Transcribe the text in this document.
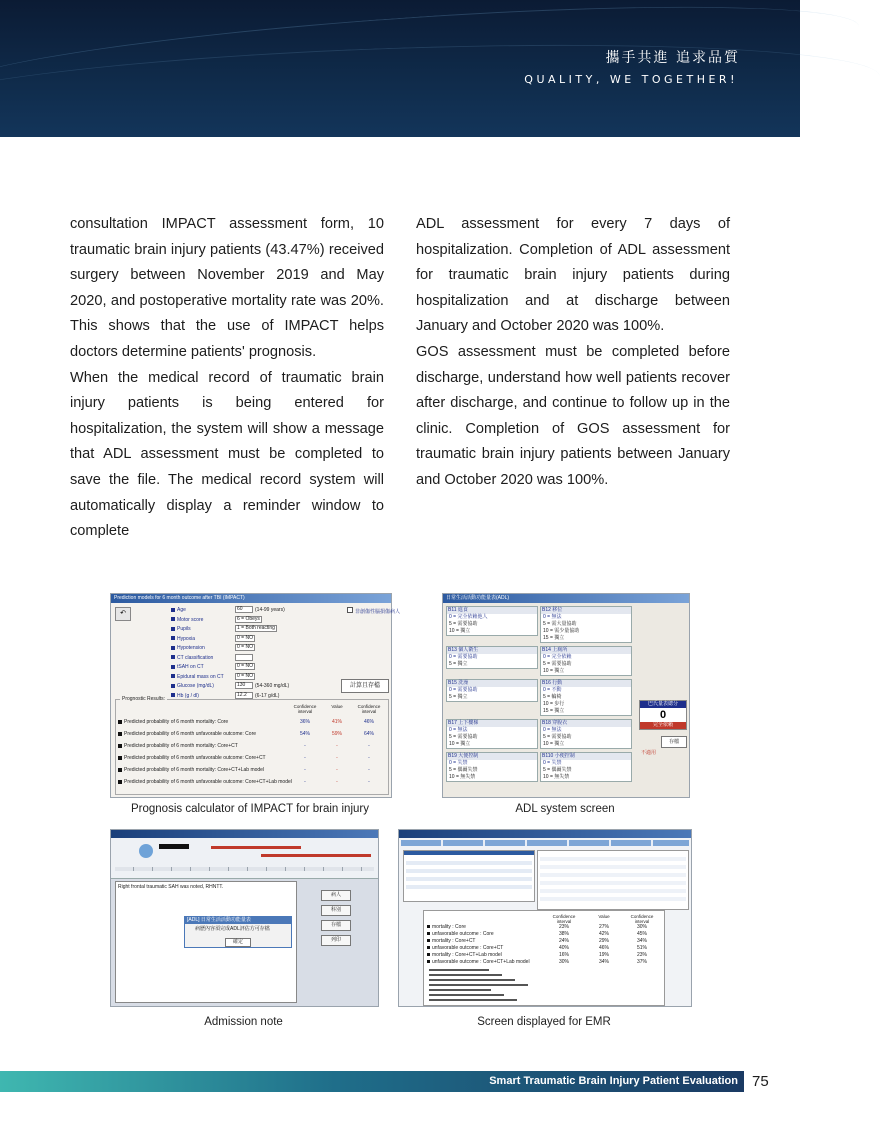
攜手共進 追求品質
QUALITY, WE TOGETHER!

consultation IMPACT assessment form, 10 traumatic brain injury patients (43.47%) received surgery between November 2019 and May 2020, and postoperative mortality rate was 20%. This shows that the use of IMPACT helps doctors determine patients' prognosis.

When the medical record of traumatic brain injury patients is being entered for hospitalization, the system will show a message that ADL assessment must be completed to save the file. The medical record system will automatically display a reminder window to complete

ADL assessment for every 7 days of hospitalization. Completion of ADL assessment for traumatic brain injury patients during hospitalization and at discharge between January and October 2020 was 100%.

GOS assessment must be completed before discharge, understand how well patients recover after discharge, and continue to follow up in the clinic. Completion of GOS assessment for traumatic brain injury patients between January and October 2020 was 100%.

Prediction models for 6 month outcome after TBI (IMPACT)
↶	Age	60 (14-99 years)
Motor score	6 = Obeys
Pupils	1 = Both reacting
Hypoxia	0 = NO
Hypotension	0 = NO
CT classification
tSAH on CT	0 = NO
Epidural mass on CT	0 = NO
Glucose (mg/dL)	130 (54-360 mg/dL)
Hb (g / dl)	12.2 (6-17 g/dL)
非創傷性腦損傷病人
計算且存檔
Prognostic Results:
Confidence interval
Value	Confidence interval
Predicted probability of 6 month mortality: Core	36%	41%	46%
Predicted probability of 6 month unfavorable outcome: Core	54%	59%	64%
Predicted probability of 6 month mortality: Core+CT	-	-	-
Predicted probability of 6 month unfavorable outcome: Core+CT	-	-	-
Predicted probability of 6 month mortality: Core+CT+Lab model	-	-	-
Predicted probability of 6 month unfavorable outcome: Core+CT+Lab model	-	-	-
Prognosis calculator of IMPACT for brain injury
日常生活活動功能量表(ADL)
B11 進食
0 = 完全依賴他人
5 = 需要協助
10 = 獨立
B12 移位
0 = 無法
5 = 需大量協助
10 = 需少量協助
15 = 獨立
B13 個人衛生
0 = 需要協助
5 = 獨立
B14 上廁所
0 = 完全依賴
5 = 需要協助
10 = 獨立
B15 洗澡
0 = 需要協助
5 = 獨立
B16 行動
0 = 不動
5 = 輪椅
10 = 步行
15 = 獨立
B17 上下樓梯
0 = 無法
5 = 需要協助
10 = 獨立
B18 穿脫衣
0 = 無法
5 = 需要協助
10 = 獨立
B19 大便控制
0 = 失禁
5 = 偶爾失禁
10 = 無失禁
B110 小便控制
0 = 失禁
5 = 偶爾失禁
10 = 無失禁
巴氏量表總分
0
完全依賴
存檔
不適用
ADL system screen
Right frontal traumatic SAH was noted, RHNTT.
病人
科別
存檔
列印
[ADL] 日常生活活動功能量表
病歷內容須完成ADL評估方可存檔
確定
Admission note
Confidence interval
Value	Confidence interval
mortality : Core	23%	27%	30%
unfavorable outcome : Core	38%	42%	45%
mortality : Core+CT	24%	29%	34%
unfavorable outcome : Core+CT	40%	46%	51%
mortality : Core+CT+Lab model	16%	19%	23%
unfavorable outcome : Core+CT+Lab model	30%	34%	37%
Screen displayed for EMR
Smart Traumatic Brain Injury Patient Evaluation 75
